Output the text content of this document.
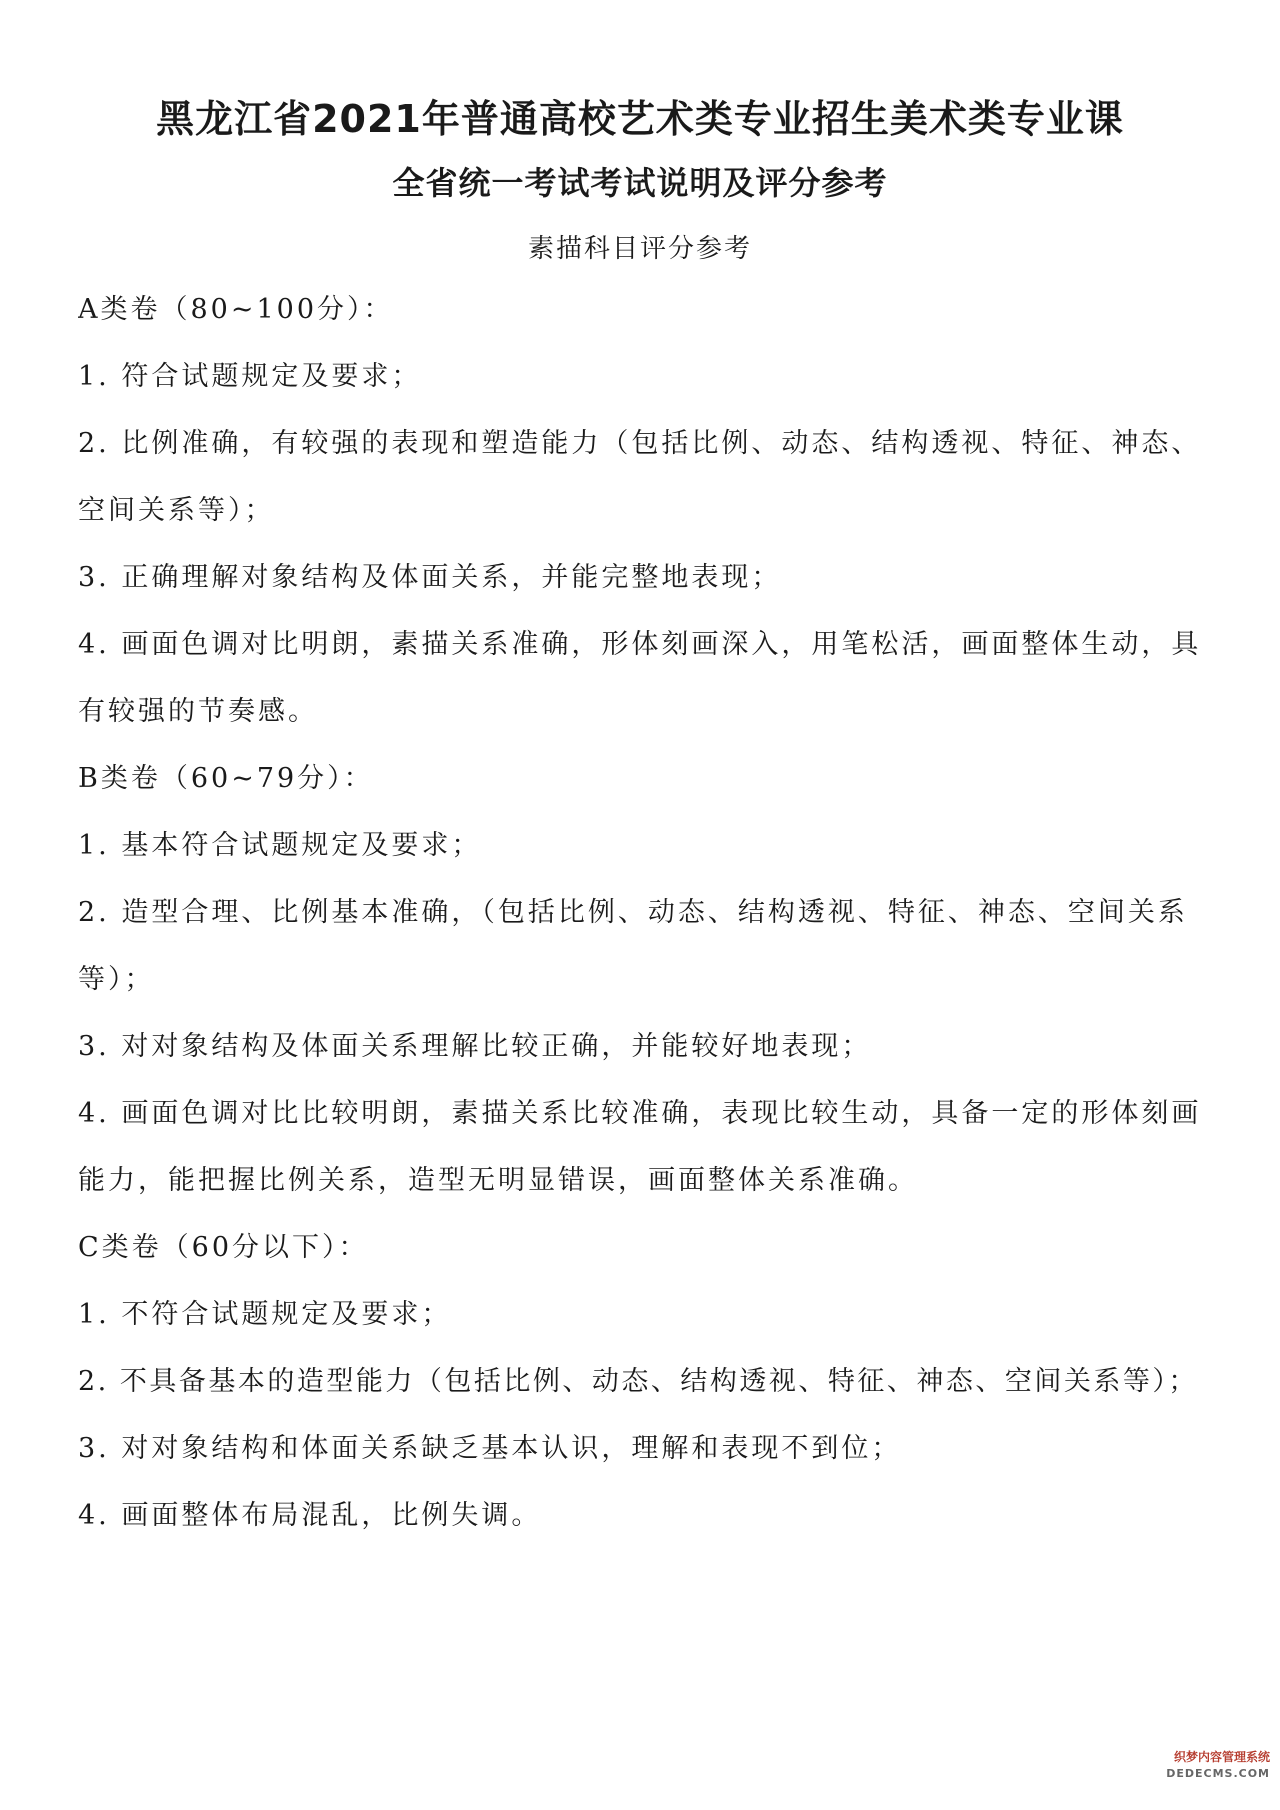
黑龙江省2021年普通高校艺术类专业招生美术类专业课
全省统一考试考试说明及评分参考
素描科目评分参考
A类卷（80~100分）：
1. 符合试题规定及要求；
2. 比例准确，有较强的表现和塑造能力（包括比例、动态、结构透视、特征、神态、
空间关系等）；
3. 正确理解对象结构及体面关系，并能完整地表现；
4. 画面色调对比明朗，素描关系准确，形体刻画深入，用笔松活，画面整体生动，具
有较强的节奏感。
B类卷（60~79分）：
1. 基本符合试题规定及要求；
2. 造型合理、比例基本准确，（包括比例、动态、结构透视、特征、神态、空间关系
等）；
3. 对对象结构及体面关系理解比较正确，并能较好地表现；
4. 画面色调对比比较明朗，素描关系比较准确，表现比较生动，具备一定的形体刻画
能力，能把握比例关系，造型无明显错误，画面整体关系准确。
C类卷（60分以下）：
1. 不符合试题规定及要求；
2. 不具备基本的造型能力（包括比例、动态、结构透视、特征、神态、空间关系等）；
3. 对对象结构和体面关系缺乏基本认识，理解和表现不到位；
4. 画面整体布局混乱，比例失调。
织梦内容管理系统
DEDECMS.COM
